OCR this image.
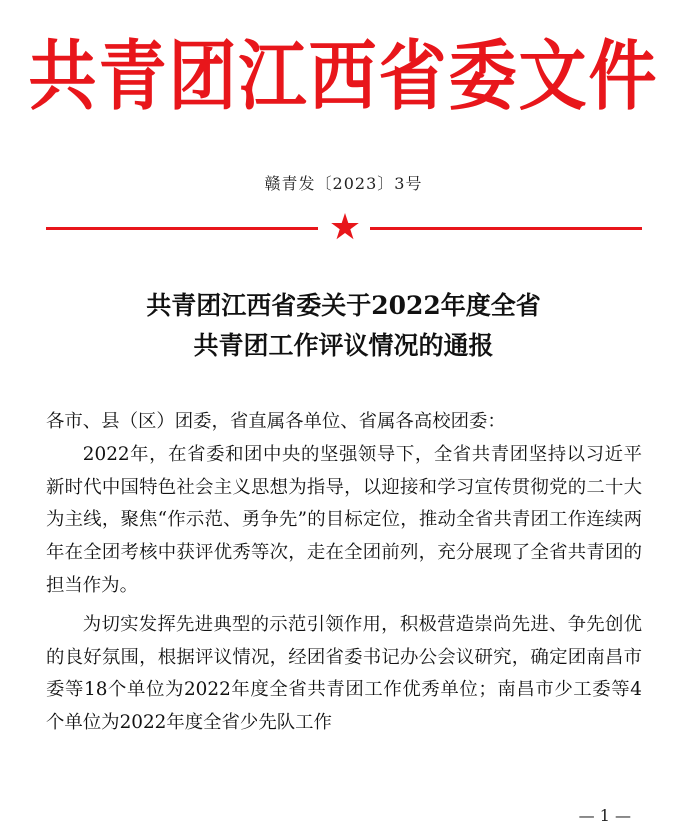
共青团江西省委文件
赣青发〔2023〕3号
共青团江西省委关于2022年度全省
共青团工作评议情况的通报

各市、县（区）团委，省直属各单位、省属各高校团委：

2022年，在省委和团中央的坚强领导下，全省共青团坚持以习近平新时代中国特色社会主义思想为指导，以迎接和学习宣传贯彻党的二十大为主线，聚焦“作示范、勇争先”的目标定位，推动全省共青团工作连续两年在全团考核中获评优秀等次，走在全团前列，充分展现了全省共青团的担当作为。

为切实发挥先进典型的示范引领作用，积极营造崇尚先进、争先创优的良好氛围，根据评议情况，经团省委书记办公会议研究，确定团南昌市委等18个单位为2022年度全省共青团工作优秀单位；南昌市少工委等4个单位为2022年度全省少先队工作

— 1 —
